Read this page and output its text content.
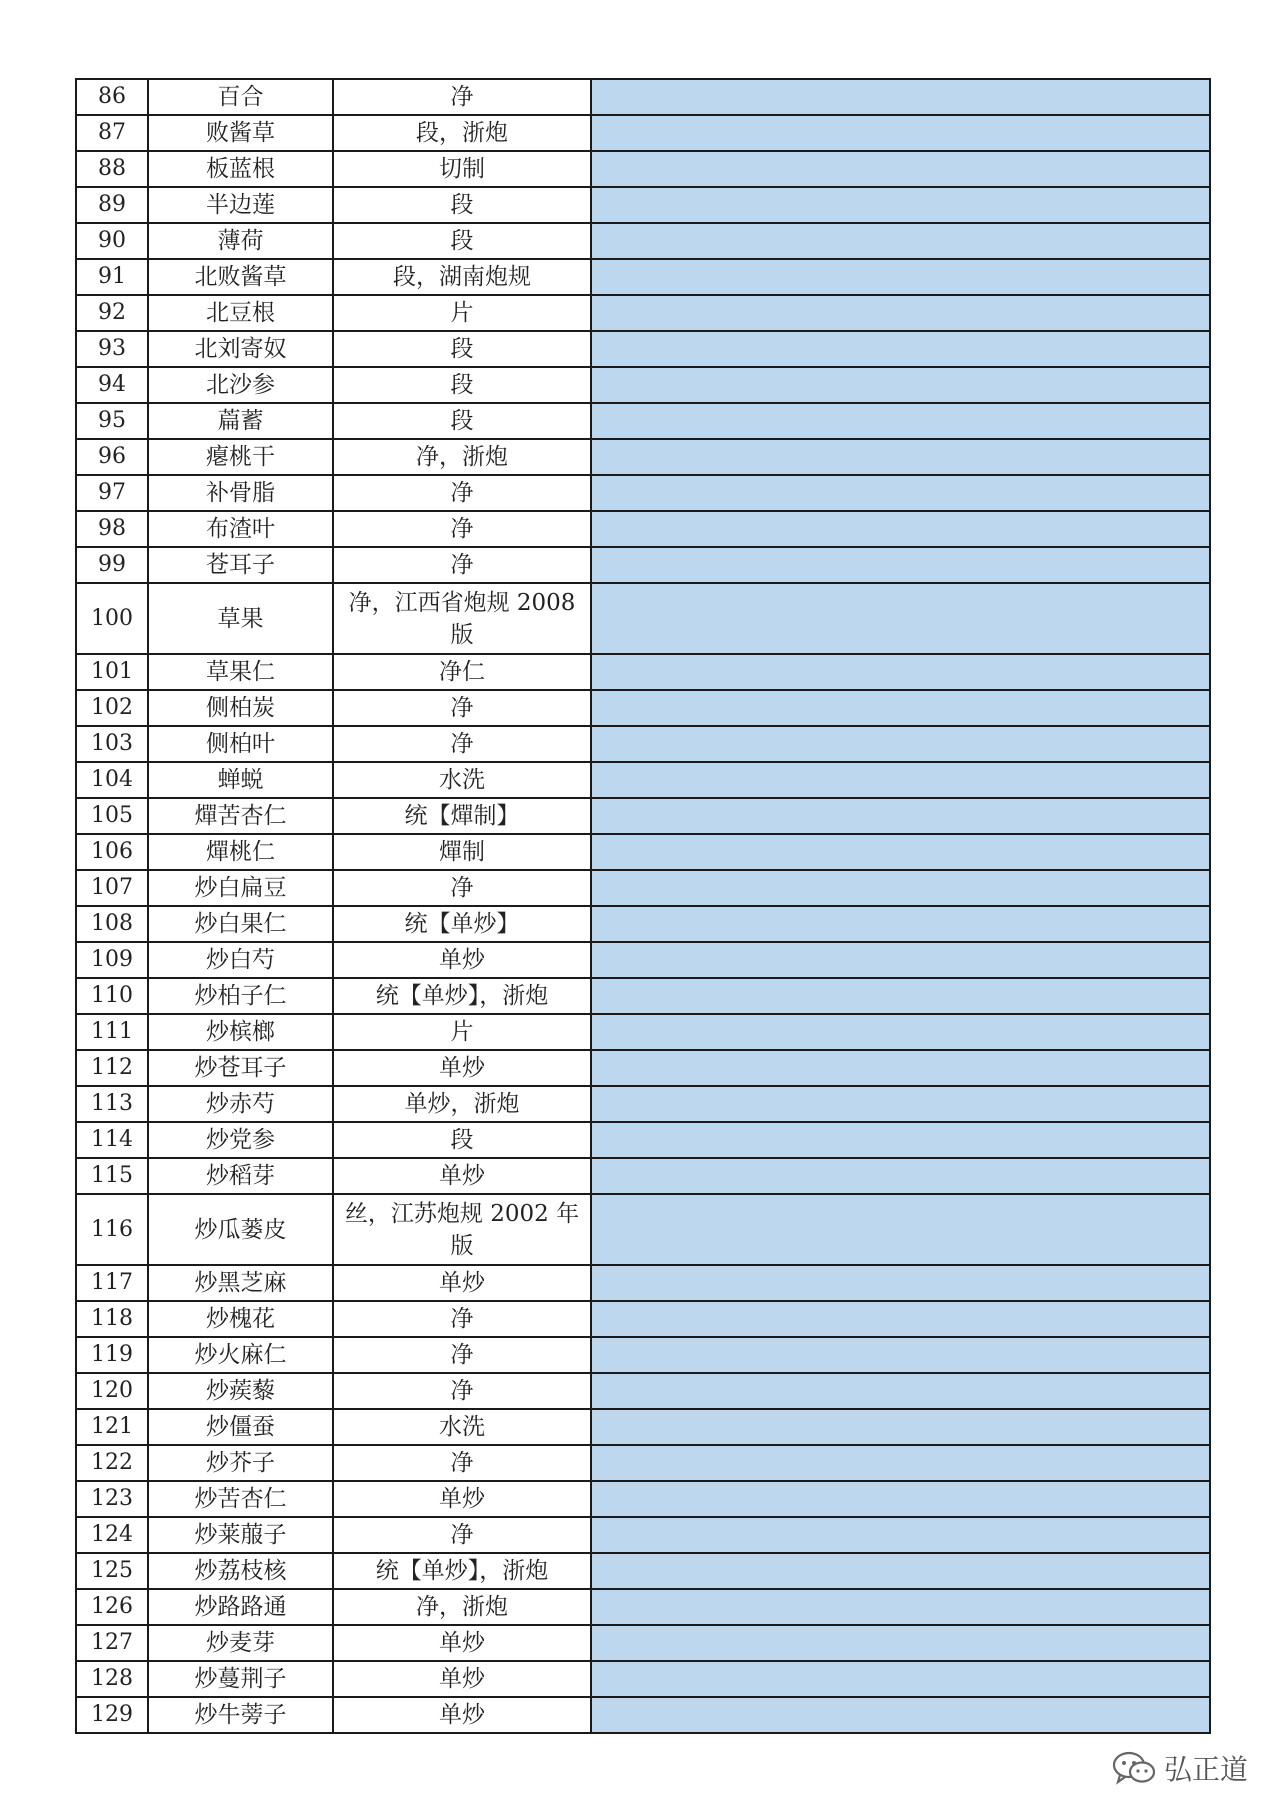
86	百合	净	
87	败酱草	段，浙炮	
88	板蓝根	切制	
89	半边莲	段	
90	薄荷	段	
91	北败酱草	段，湖南炮规	
92	北豆根	片	
93	北刘寄奴	段	
94	北沙参	段	
95	萹蓄	段	
96	瘪桃干	净，浙炮	
97	补骨脂	净	
98	布渣叶	净	
99	苍耳子	净	
100	草果	净，江西省炮规 2008 版	
101	草果仁	净仁	
102	侧柏炭	净	
103	侧柏叶	净	
104	蝉蜕	水洗	
105	燀苦杏仁	统【燀制】	
106	燀桃仁	燀制	
107	炒白扁豆	净	
108	炒白果仁	统【单炒】	
109	炒白芍	单炒	
110	炒柏子仁	统【单炒】，浙炮	
111	炒槟榔	片	
112	炒苍耳子	单炒	
113	炒赤芍	单炒，浙炮	
114	炒党参	段	
115	炒稻芽	单炒	
116	炒瓜蒌皮	丝，江苏炮规 2002 年版	
117	炒黑芝麻	单炒	
118	炒槐花	净	
119	炒火麻仁	净	
120	炒蒺藜	净	
121	炒僵蚕	水洗	
122	炒芥子	净	
123	炒苦杏仁	单炒	
124	炒莱菔子	净	
125	炒荔枝核	统【单炒】，浙炮	
126	炒路路通	净，浙炮	
127	炒麦芽	单炒	
128	炒蔓荆子	单炒	
129	炒牛蒡子	单炒	
弘正道
